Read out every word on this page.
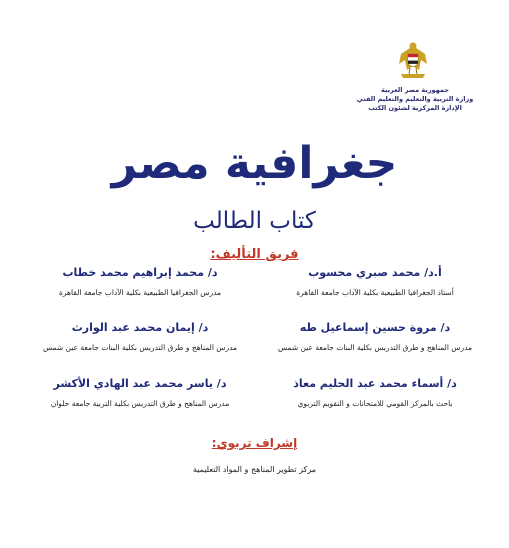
جمهورية مصر العربية
وزارة التربية والتعليم والتعليم الفني
الإدارة المركزية لشئون الكتب
جغرافية مصر
كتاب الطالب
فريق التأليف:
أ.د/ محمد صبري محسوب
أستاذ الجغرافيا الطبيعية بكلية الآداب جامعة القاهرة
د/ محمد إبراهيم محمد خطاب
مدرس الجغرافيا الطبيعية بكلية الآداب جامعة القاهرة
د/ مروة حسين إسماعيل طه
مدرس المناهج و طرق التدريس بكلية البنات جامعة عين شمس
د/ إيمان محمد عبد الوارث
مدرس المناهج و طرق التدريس بكلية البنات جامعة عين شمس
د/ أسماء محمد عبد الحليم معاذ
باحث بالمركز القومي للامتحانات و التقويم التربوي
د/ ياسر محمد عبد الهادي الأكشر
مدرس المناهج و طرق التدريس بكلية التربية جامعة حلوان
إشراف تربوي:
مركز تطوير المناهج و المواد التعليمية
